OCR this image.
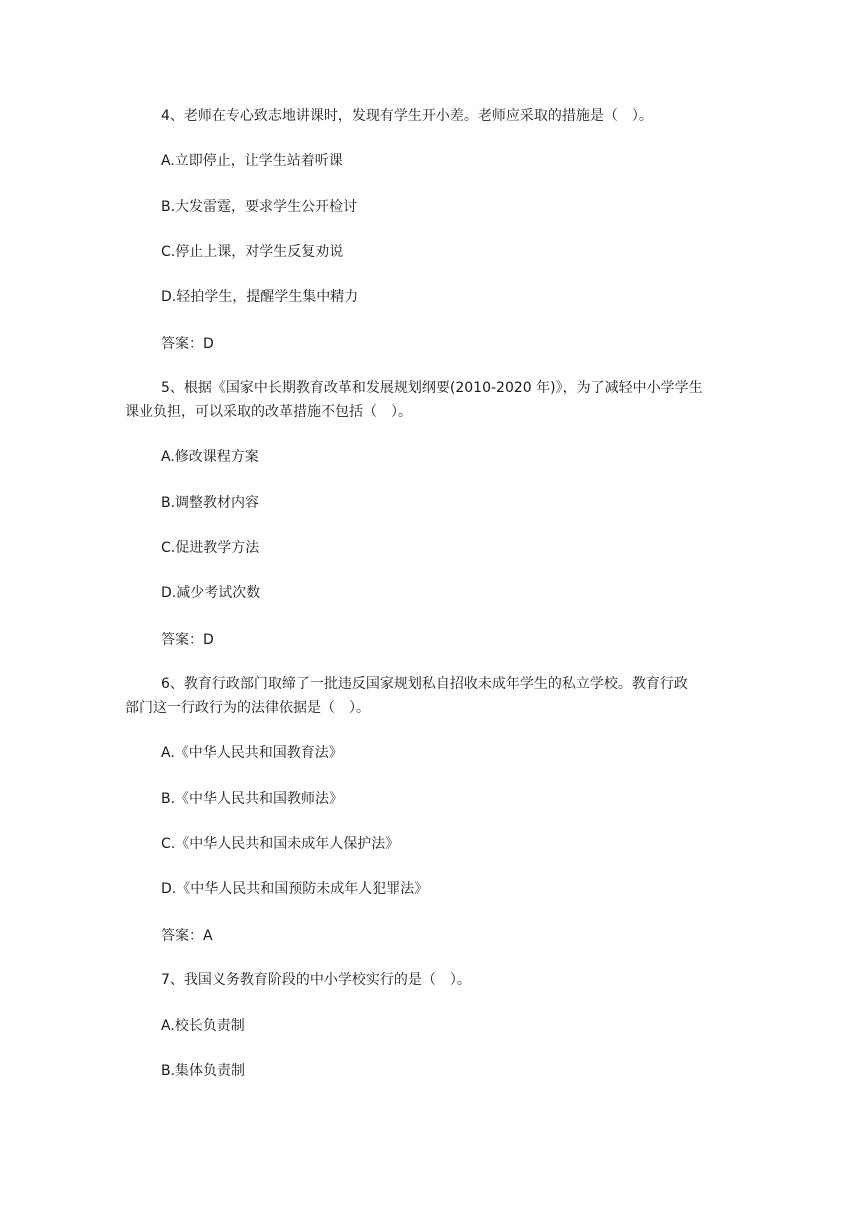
4、老师在专心致志地讲课时，发现有学生开小差。老师应采取的措施是（　）。

A.立即停止，让学生站着听课

B.大发雷霆，要求学生公开检讨

C.停止上课，对学生反复劝说

D.轻拍学生，提醒学生集中精力

答案：D

5、根据《国家中长期教育改革和发展规划纲要(2010-2020 年)》，为了减轻中小学学生

课业负担，可以采取的改革措施不包括（　）。

A.修改课程方案

B.调整教材内容

C.促进教学方法

D.减少考试次数

答案：D

6、教育行政部门取缔了一批违反国家规划私自招收未成年学生的私立学校。教育行政

部门这一行政行为的法律依据是（　）。

A.《中华人民共和国教育法》

B.《中华人民共和国教师法》

C.《中华人民共和国未成年人保护法》

D.《中华人民共和国预防未成年人犯罪法》

答案：A

7、我国义务教育阶段的中小学校实行的是（　）。

A.校长负责制

B.集体负责制
